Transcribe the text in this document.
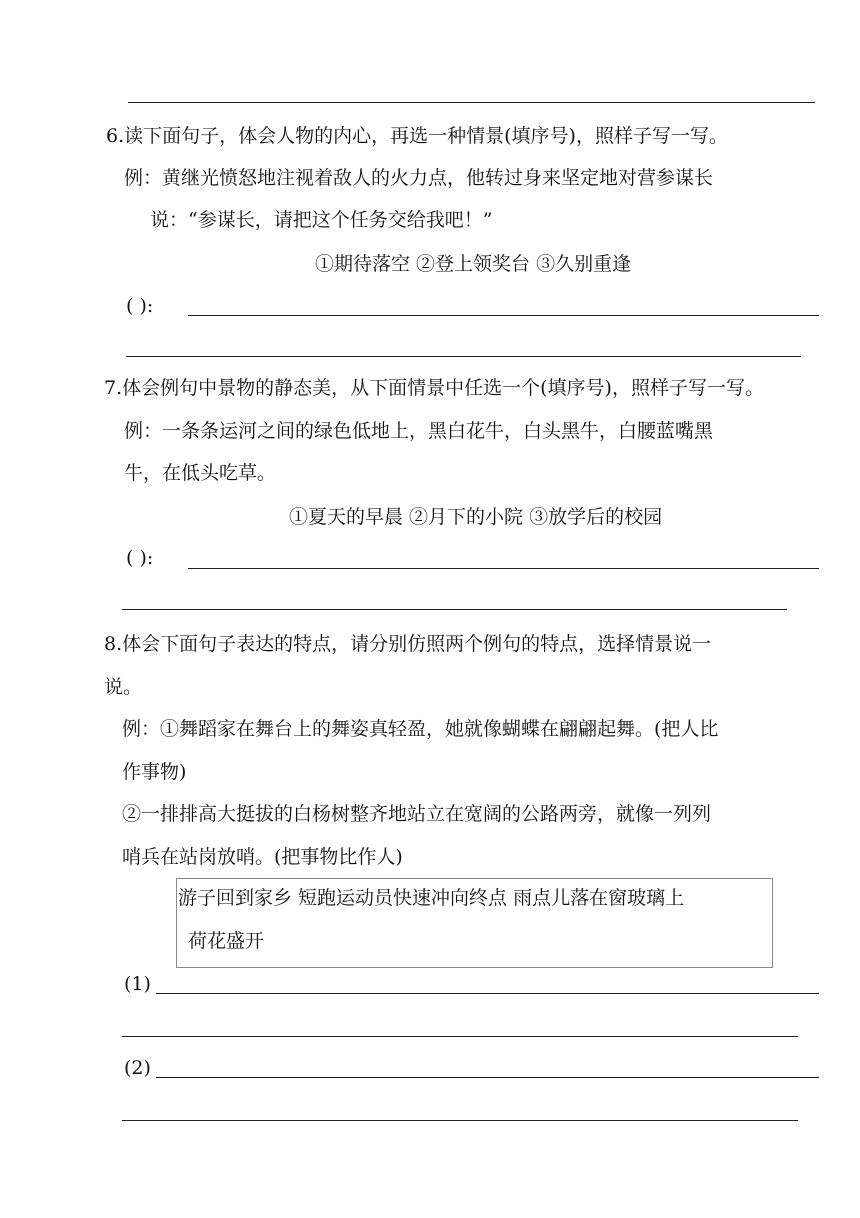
6.读下面句子，体会人物的内心，再选一种情景(填序号)，照样子写一写。
例：黄继光愤怒地注视着敌人的火力点，他转过身来坚定地对营参谋长
说：“参谋长，请把这个任务交给我吧！”
①期待落空 ②登上领奖台 ③久别重逢
( ):
7.体会例句中景物的静态美，从下面情景中任选一个(填序号)，照样子写一写。
例：一条条运河之间的绿色低地上，黑白花牛，白头黑牛，白腰蓝嘴黑
牛，在低头吃草。
①夏天的早晨 ②月下的小院 ③放学后的校园
( ):
8.体会下面句子表达的特点，请分别仿照两个例句的特点，选择情景说一
说。
例：①舞蹈家在舞台上的舞姿真轻盈，她就像蝴蝶在翩翩起舞。(把人比
作事物)
②一排排高大挺拔的白杨树整齐地站立在宽阔的公路两旁，就像一列列
哨兵在站岗放哨。(把事物比作人)
游子回到家乡 短跑运动员快速冲向终点 雨点儿落在窗玻璃上
荷花盛开
(1)
(2)
